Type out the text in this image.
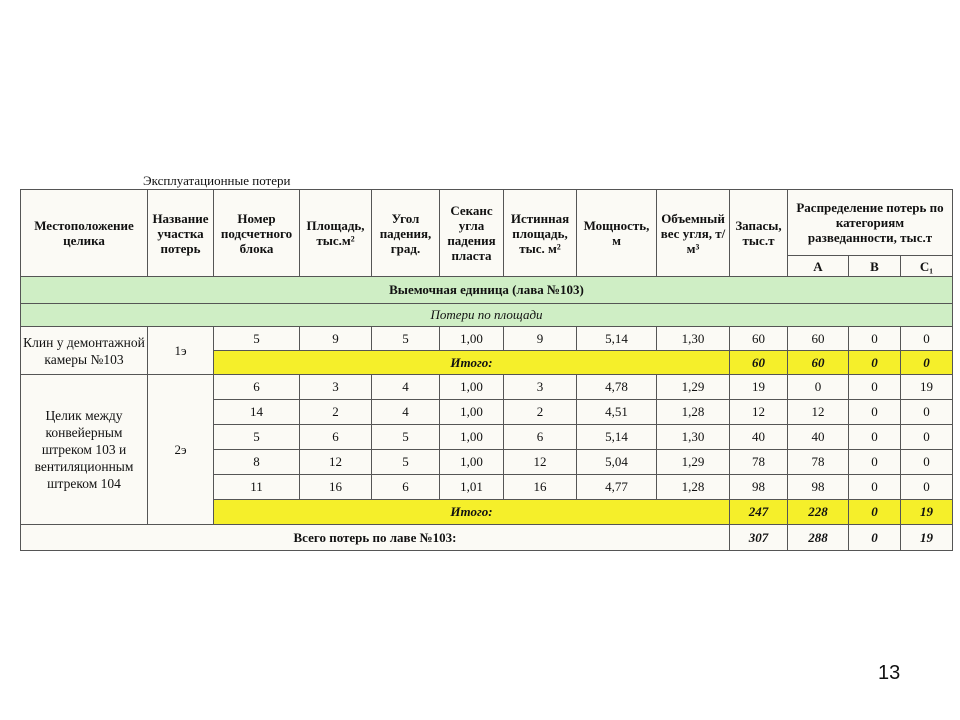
Эксплуатационные потери
Местоположение целика	Название участка потерь	Номер подсчетного блока	Площадь, тыс.м²	Угол падения, град.	Секанс угла падения пласта	Истинная площадь, тыс. м²	Мощность, м	Объемный вес угля, т/м³	Запасы, тыс.т	Распределение потерь по категориям разведанности, тыс.т		
										А	В	С₁
Выемочная единица (лава №103)												
Потери по площади												
Клин у демонтажной камеры №103	1э	5	9	5	1,00	9	5,14	1,30	60	60	0	0
		Итого:							60	60	0	0
Целик между конвейерным штреком 103 и вентиляционным штреком 104	2э	6	3	4	1,00	3	4,78	1,29	19	0	0	19
		14	2	4	1,00	2	4,51	1,28	12	12	0	0
		5	6	5	1,00	6	5,14	1,30	40	40	0	0
		8	12	5	1,00	12	5,04	1,29	78	78	0	0
		11	16	6	1,01	16	4,77	1,28	98	98	0	0
		Итого:							247	228	0	19
Всего потерь по лаве №103:									307	288	0	19
13
